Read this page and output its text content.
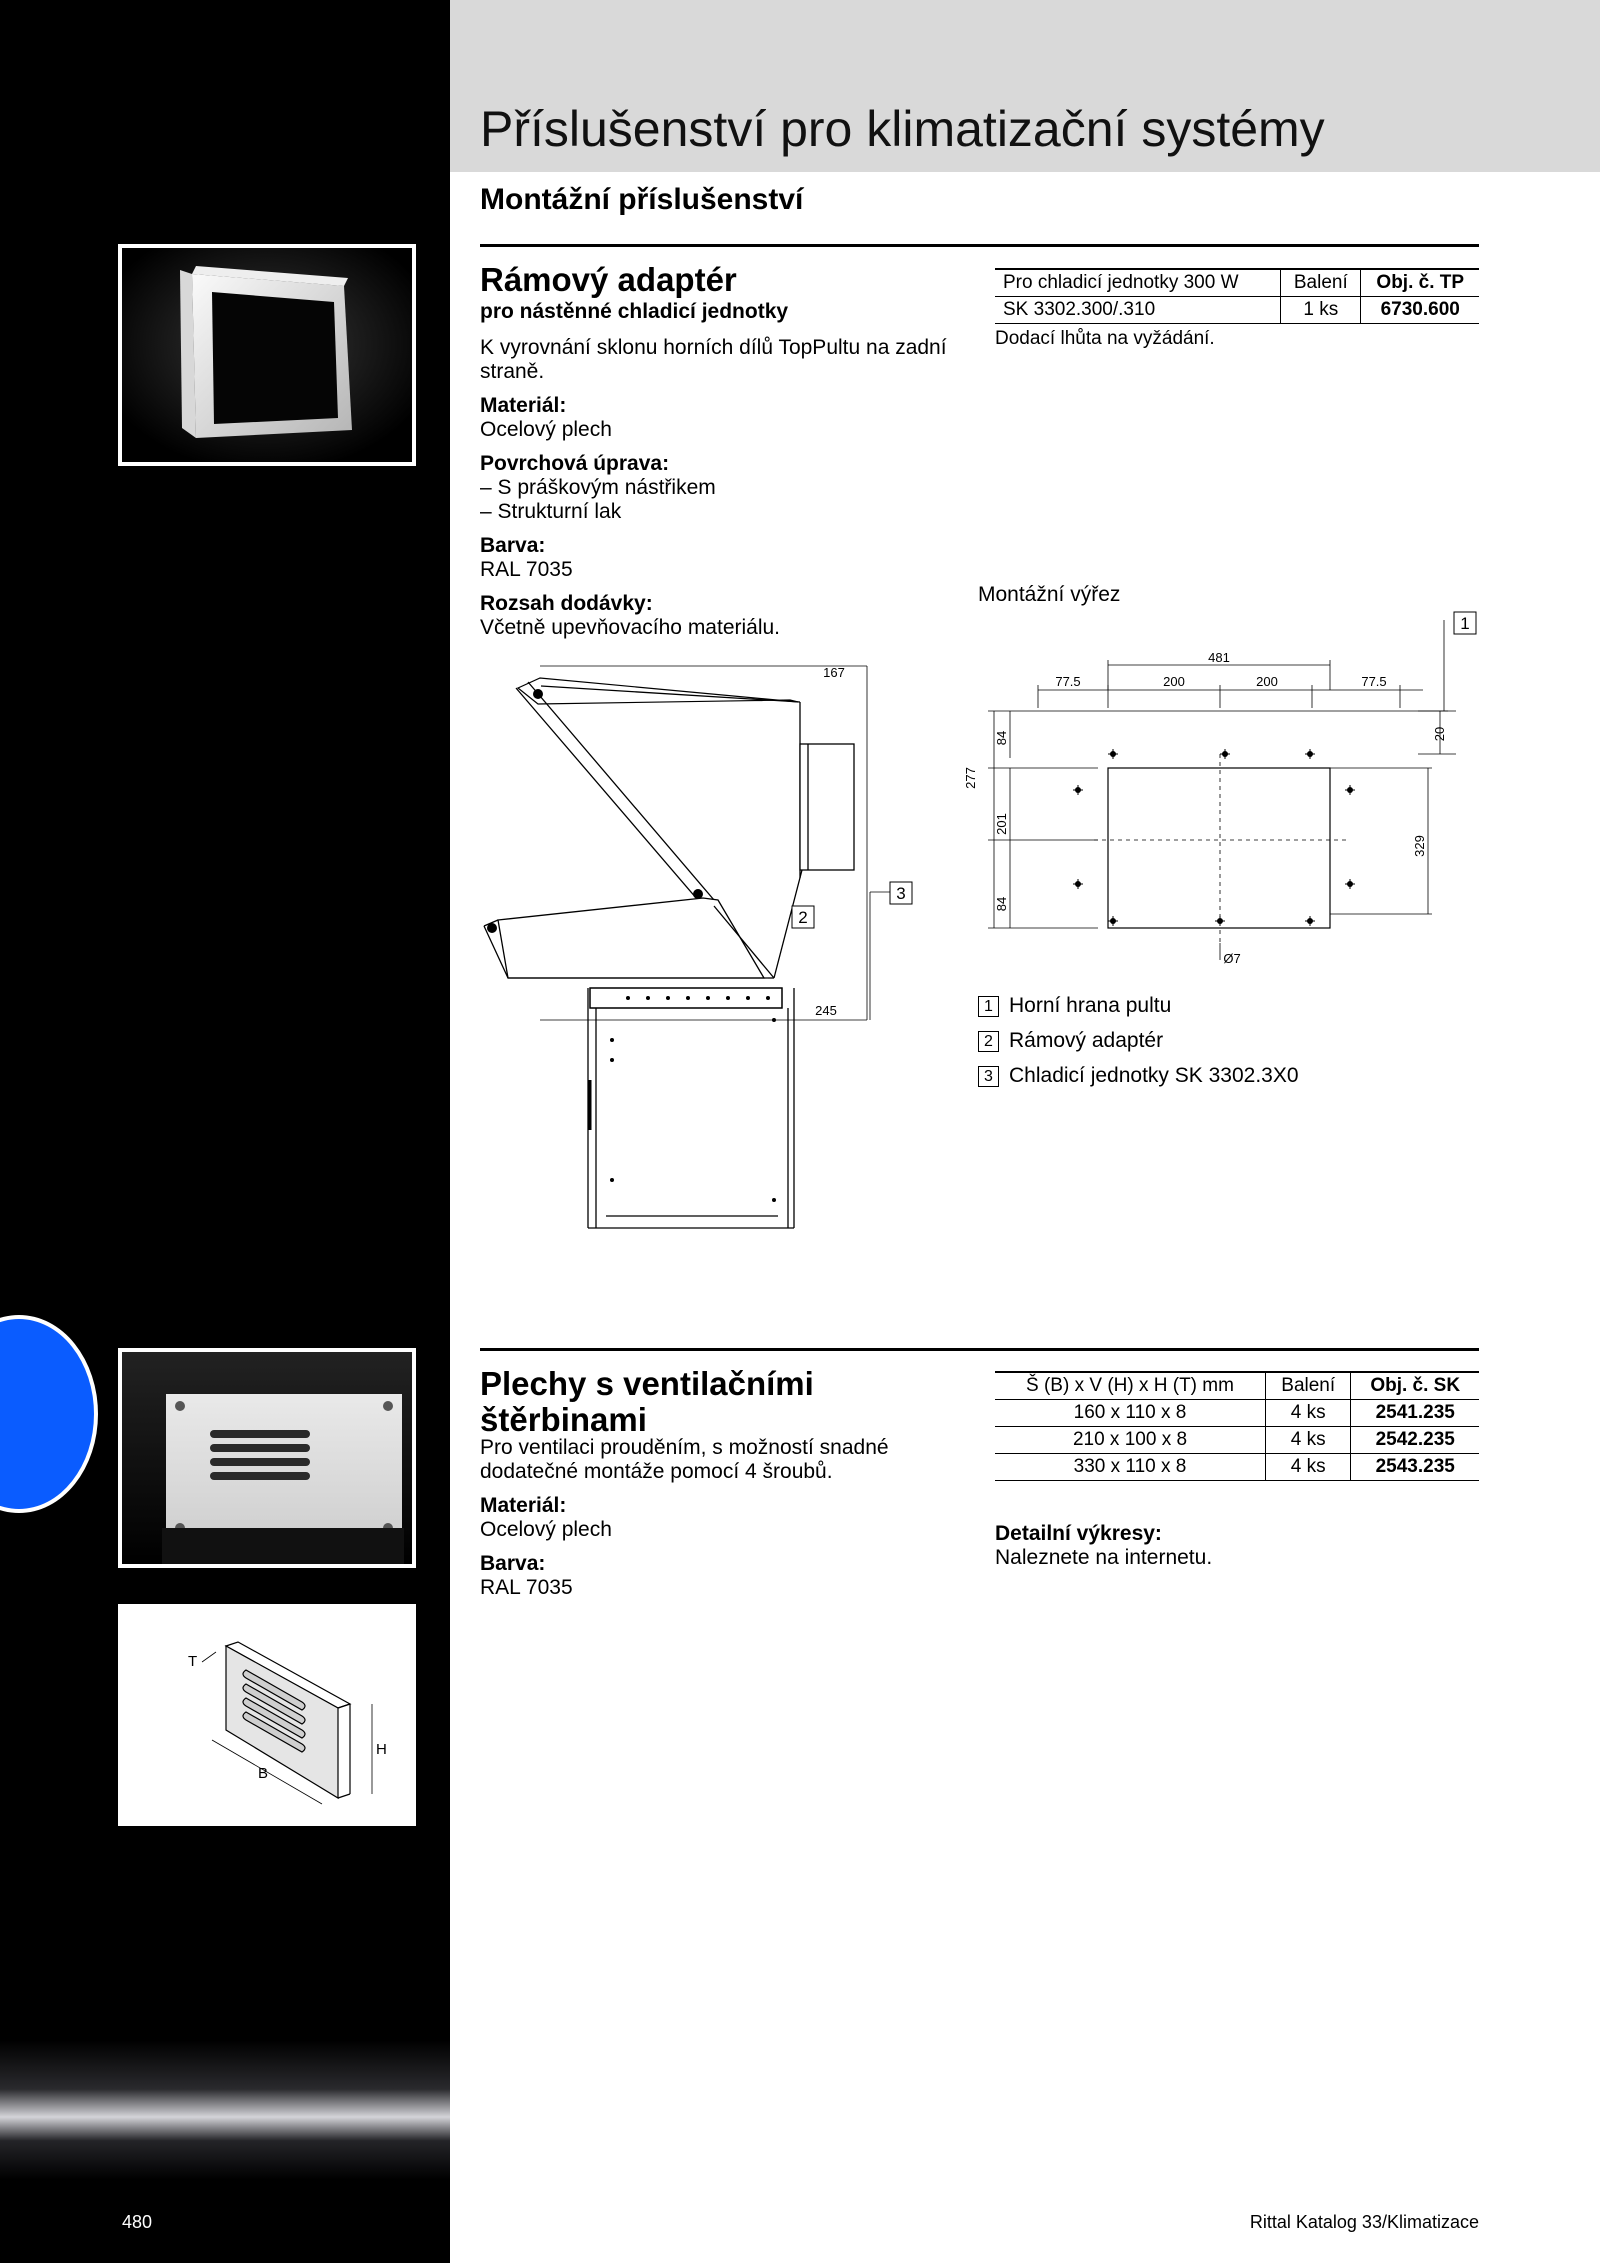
Příslušenství pro klimatizační systémy
Montážní příslušenství
Rámový adaptér
pro nástěnné chladicí jednotky
K vyrovnání sklonu horních dílů TopPultu na zadní straně.
Materiál:
Ocelový plech
Povrchová úprava:
– S práškovým nástřikem
– Strukturní lak
Barva:
RAL 7035
Rozsah dodávky:
Včetně upevňovacího materiálu.
Pro chladicí jednotky 300 W	Balení	Obj. č. TP
SK 3302.300/.310	1 ks	6730.600
Dodací lhůta na vyžádání.
Montážní výřez
167
245
2
3
481
77.5	200	200	77.5
277
84
201
84
20
329
Ø7
1
1 Horní hrana pultu
2 Rámový adaptér
3 Chladicí jednotky SK 3302.3X0
T
B
H
Plechy s ventilačními
štěrbinami
Pro ventilaci prouděním, s možností snadné dodatečné montáže pomocí 4 šroubů.
Materiál:
Ocelový plech
Barva:
RAL 7035
Š (B) x V (H) x H (T) mm	Balení	Obj. č. SK
160 x 110 x 8	4 ks	2541.235
210 x 100 x 8	4 ks	2542.235
330 x 110 x 8	4 ks	2543.235
Detailní výkresy:
Naleznete na internetu.
480	Rittal Katalog 33/Klimatizace
